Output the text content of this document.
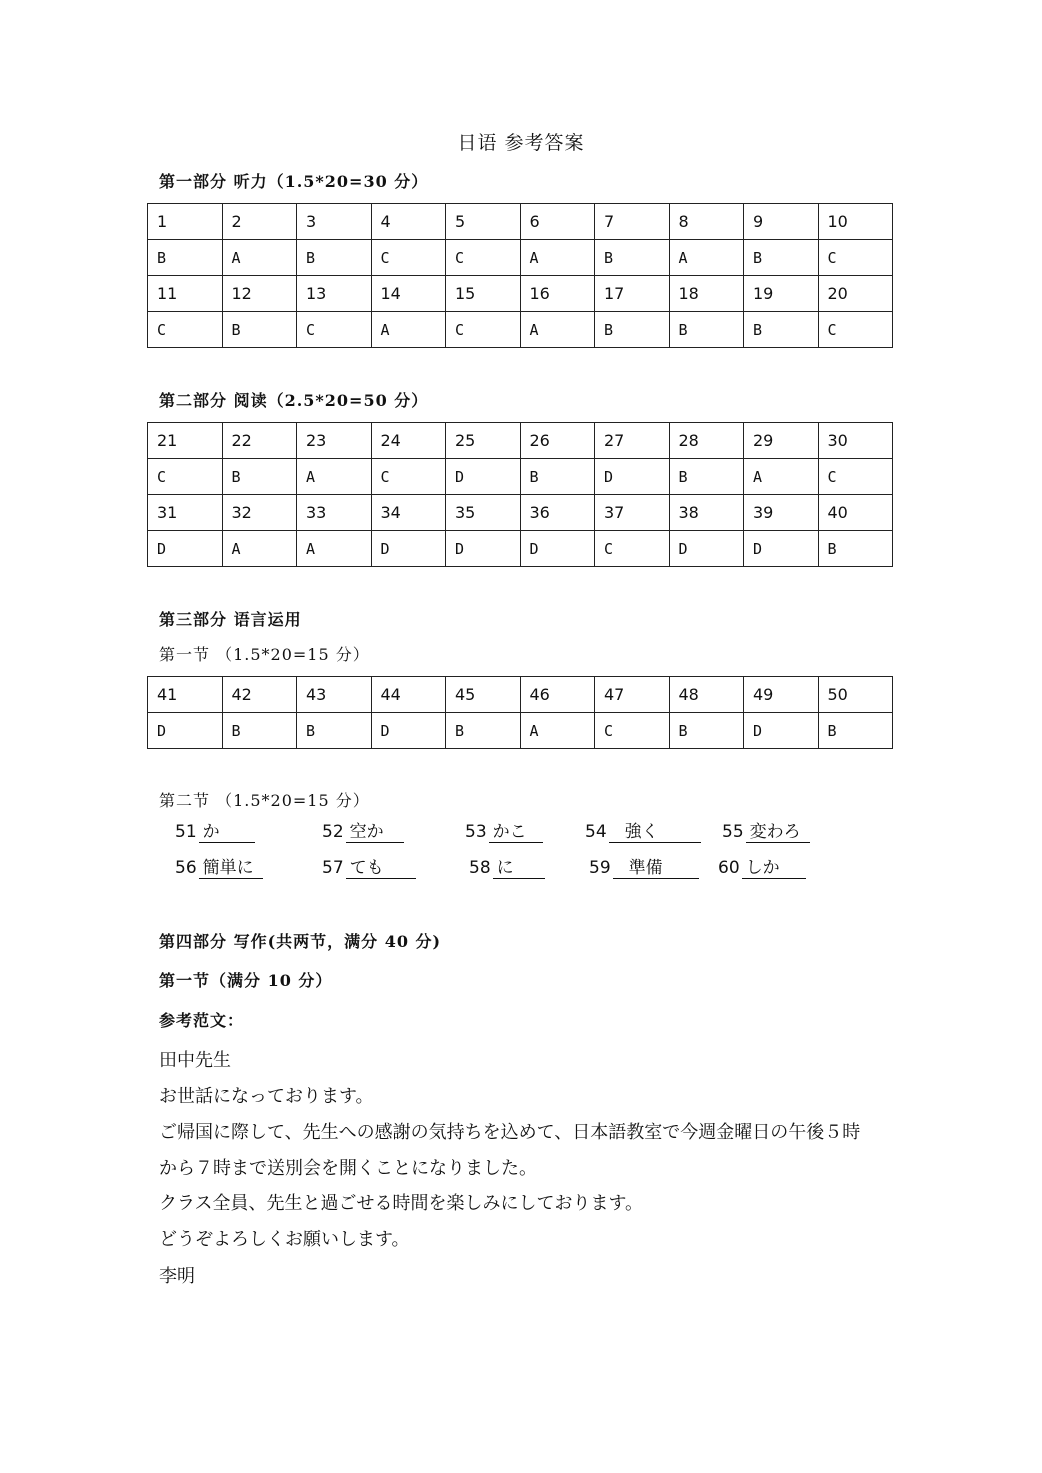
日语 参考答案
第一部分 听力（1.5*20=30 分）
1	2	3	4	5	6	7	8	9	10
B	A	B	C	C	A	B	A	B	C
11	12	13	14	15	16	17	18	19	20
C	B	C	A	C	A	B	B	B	C
第二部分 阅读（2.5*20=50 分）
21	22	23	24	25	26	27	28	29	30
C	B	A	C	D	B	D	B	A	C
31	32	33	34	35	36	37	38	39	40
D	A	A	D	D	D	C	D	D	B
第三部分 语言运用
第一节 （1.5*20=15 分）
41	42	43	44	45	46	47	48	49	50
D	B	B	D	B	A	C	B	D	B
第二节 （1.5*20=15 分）
51 か	52 空か	53 かこ	54 強く	55 変わろ
56 簡単に	57 ても	58 に	59 準備	60 しか
第四部分 写作(共两节，满分 40 分)
第一节（满分 10 分）
参考范文：
田中先生
お世話になっております。
ご帰国に際して、先生への感謝の気持ちを込めて、日本語教室で今週金曜日の午後５時
から７時まで送別会を開くことになりました。
クラス全員、先生と過ごせる時間を楽しみにしております。
どうぞよろしくお願いします。
李明
